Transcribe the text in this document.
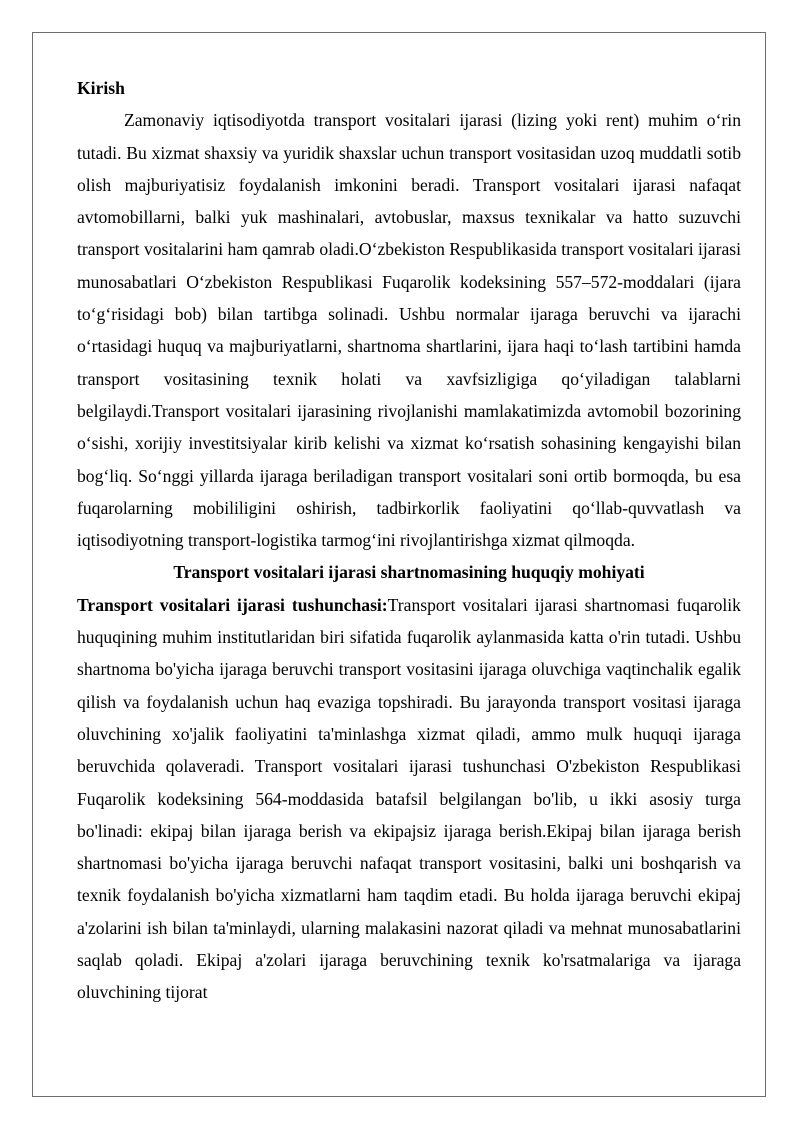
Kirish

Zamonaviy iqtisodiyotda transport vositalari ijarasi (lizing yoki rent) muhim o‘rin tutadi. Bu xizmat shaxsiy va yuridik shaxslar uchun transport vositasidan uzoq muddatli sotib olish majburiyatisiz foydalanish imkonini beradi. Transport vositalari ijarasi nafaqat avtomobillarni, balki yuk mashinalari, avtobuslar, maxsus texnikalar va hatto suzuvchi transport vositalarini ham qamrab oladi.O‘zbekiston Respublikasida transport vositalari ijarasi munosabatlari O‘zbekiston Respublikasi Fuqarolik kodeksining 557–572-moddalari (ijara to‘g‘risidagi bob) bilan tartibga solinadi. Ushbu normalar ijaraga beruvchi va ijarachi o‘rtasidagi huquq va majburiyatlarni, shartnoma shartlarini, ijara haqi to‘lash tartibini hamda transport vositasining texnik holati va xavfsizligiga qo‘yiladigan talablarni belgilaydi.Transport vositalari ijarasining rivojlanishi mamlakatimizda avtomobil bozorining o‘sishi, xorijiy investitsiyalar kirib kelishi va xizmat ko‘rsatish sohasining kengayishi bilan bog‘liq. So‘nggi yillarda ijaraga beriladigan transport vositalari soni ortib bormoqda, bu esa fuqarolarning mobililigini oshirish, tadbirkorlik faoliyatini qo‘llab-quvvatlash va iqtisodiyotning transport-logistika tarmog‘ini rivojlantirishga xizmat qilmoqda.

Transport vositalari ijarasi shartnomasining huquqiy mohiyati

Transport vositalari ijarasi tushunchasi:Transport vositalari ijarasi shartnomasi fuqarolik huquqining muhim institutlaridan biri sifatida fuqarolik aylanmasida katta o'rin tutadi. Ushbu shartnoma bo'yicha ijaraga beruvchi transport vositasini ijaraga oluvchiga vaqtinchalik egalik qilish va foydalanish uchun haq evaziga topshiradi. Bu jarayonda transport vositasi ijaraga oluvchining xo'jalik faoliyatini ta'minlashga xizmat qiladi, ammo mulk huquqi ijaraga beruvchida qolaveradi. Transport vositalari ijarasi tushunchasi O'zbekiston Respublikasi Fuqarolik kodeksining 564-moddasida batafsil belgilangan bo'lib, u ikki asosiy turga bo'linadi: ekipaj bilan ijaraga berish va ekipajsiz ijaraga berish.Ekipaj bilan ijaraga berish shartnomasi bo'yicha ijaraga beruvchi nafaqat transport vositasini, balki uni boshqarish va texnik foydalanish bo'yicha xizmatlarni ham taqdim etadi. Bu holda ijaraga beruvchi ekipaj a'zolarini ish bilan ta'minlaydi, ularning malakasini nazorat qiladi va mehnat munosabatlarini saqlab qoladi. Ekipaj a'zolari ijaraga beruvchining texnik ko'rsatmalariga va ijaraga oluvchining tijorat
